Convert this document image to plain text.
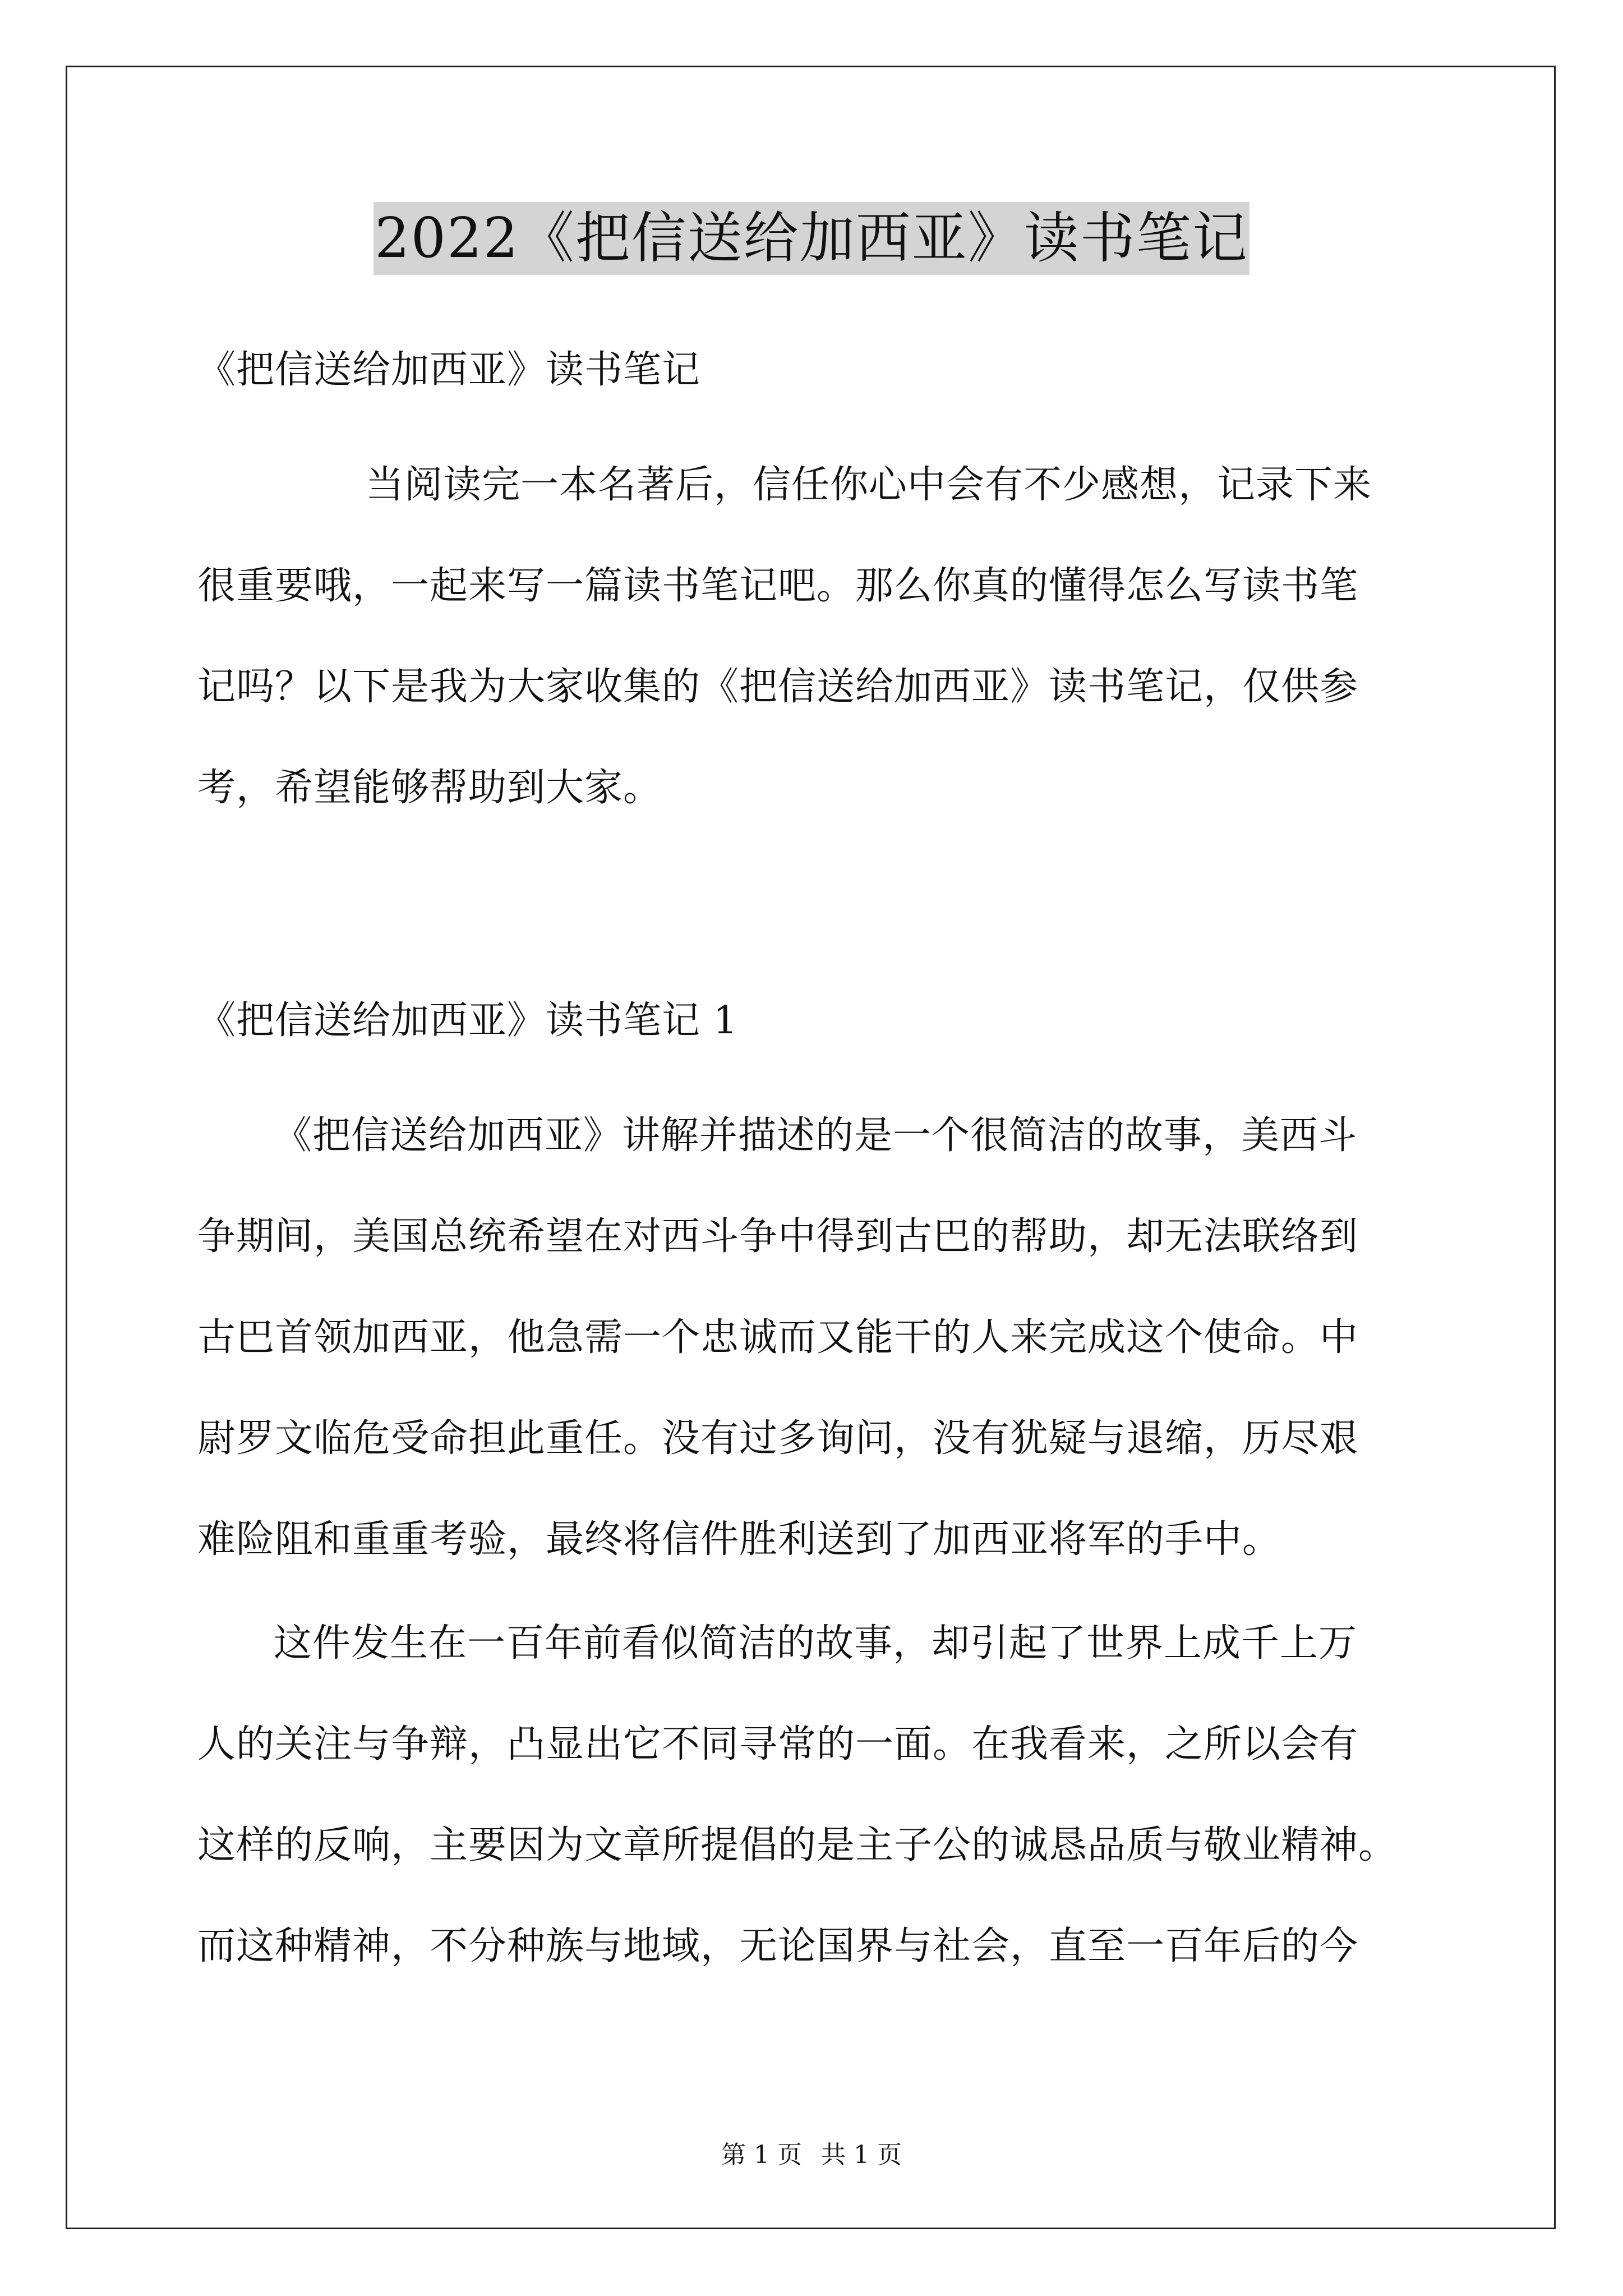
2022《把信送给加西亚》读书笔记

《把信送给加西亚》读书笔记

当阅读完一本名著后，信任你心中会有不少感想，记录下来
很重要哦，一起来写一篇读书笔记吧。那么你真的懂得怎么写读书笔
记吗？以下是我为大家收集的《把信送给加西亚》读书笔记，仅供参
考，希望能够帮助到大家。

《把信送给加西亚》读书笔记 1

《把信送给加西亚》讲解并描述的是一个很简洁的故事，美西斗
争期间，美国总统希望在对西斗争中得到古巴的帮助，却无法联络到
古巴首领加西亚，他急需一个忠诚而又能干的人来完成这个使命。中
尉罗文临危受命担此重任。没有过多询问，没有犹疑与退缩，历尽艰
难险阻和重重考验，最终将信件胜利送到了加西亚将军的手中。

这件发生在一百年前看似简洁的故事，却引起了世界上成千上万
人的关注与争辩，凸显出它不同寻常的一面。在我看来，之所以会有
这样的反响，主要因为文章所提倡的是主子公的诚恳品质与敬业精神。
而这种精神，不分种族与地域，无论国界与社会，直至一百年后的今

第 1 页 共 1 页
